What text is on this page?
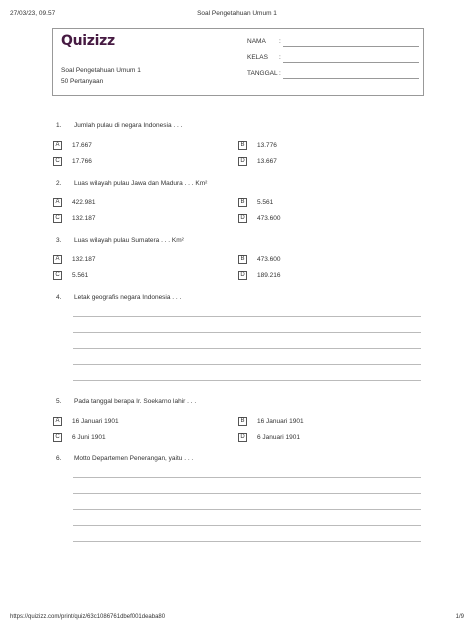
27/03/23, 09.57	Soal Pengetahuan Umum 1
Quizizz
Soal Pengetahuan Umum 1
50 Pertanyaan
NAMA :
KELAS :
TANGGAL :
1. Jumlah pulau di negara Indonesia . . .
A	17.667	B	13.776
C	17.766	D	13.667
2. Luas wilayah pulau Jawa dan Madura . . . Km²
A	422.981	B	5.561
C	132.187	D	473.600
3. Luas wilayah pulau Sumatera . . . Km²
A	132.187	B	473.600
C	5.561	D	189.216
4. Letak geografis negara Indonesia . . .
5. Pada tanggal berapa Ir. Soekarno lahir . . .
A	16 Januari 1901	B	16 Januari 1901
C	6 Juni 1901	D	6 Januari 1901
6. Motto Departemen Penerangan, yaitu . . .
https://quizizz.com/print/quiz/63c1086761dbef001deaba80	1/9
